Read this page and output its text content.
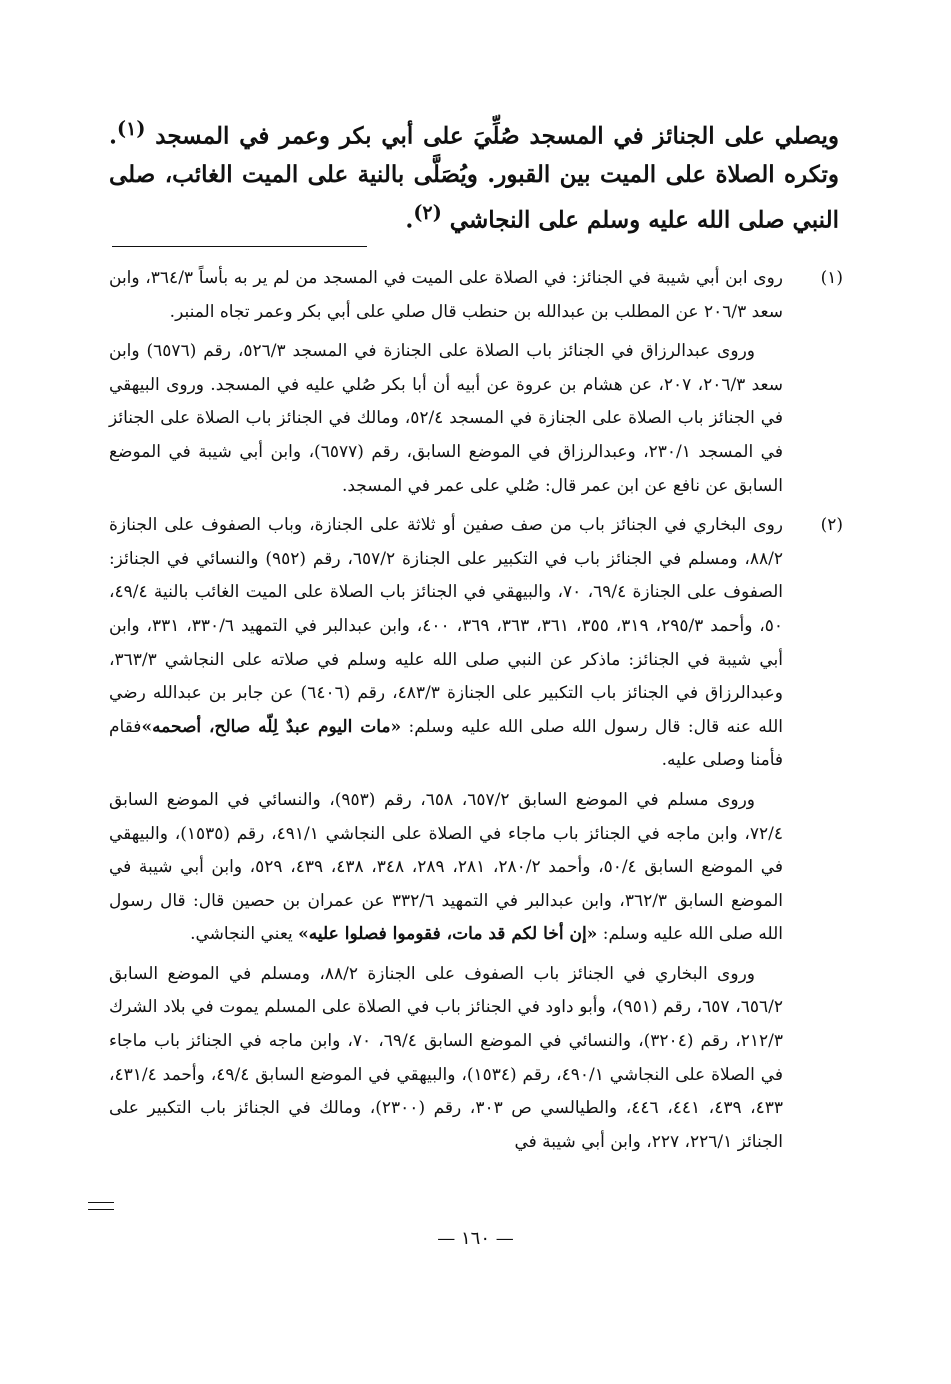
ويصلي على الجنائز في المسجد صُلِّيَ على أبي بكر وعمر في المسجد $^{(١)}$. وتكره الصلاة على الميت بين القبور. ويُصَلَّى بالنية على الميت الغائب، صلى النبي صلى الله عليه وسلم على النجاشي $^{(٢)}$.

(١)

روى ابن أبي شيبة في الجنائز: في الصلاة على الميت في المسجد من لم ير به بأساً ٣٦٤/٣، وابن سعد ٢٠٦/٣ عن المطلب بن عبدالله بن حنطب قال صلي على أبي بكر وعمر تجاه المنبر.

وروى عبدالرزاق في الجنائز باب الصلاة على الجنازة في المسجد ٥٢٦/٣، رقم (٦٥٧٦) وابن سعد ٢٠٦/٣، ٢٠٧، عن هشام بن عروة عن أبيه أن أبا بكر صُلي عليه في المسجد. وروى البيهقي في الجنائز باب الصلاة على الجنازة في المسجد ٥٢/٤، ومالك في الجنائز باب الصلاة على الجنائز في المسجد ٢٣٠/١، وعبدالرزاق في الموضع السابق، رقم (٦٥٧٧)، وابن أبي شيبة في الموضع السابق عن نافع عن ابن عمر قال: صُلي على عمر في المسجد.

(٢)

روى البخاري في الجنائز باب من صف صفين أو ثلاثة على الجنازة، وباب الصفوف على الجنازة ٨٨/٢، ومسلم في الجنائز باب في التكبير على الجنازة ٦٥٧/٢، رقم (٩٥٢) والنسائي في الجنائز: الصفوف على الجنازة ٦٩/٤، ٧٠، والبيهقي في الجنائز باب الصلاة على الميت الغائب بالنية ٤٩/٤، ٥٠، وأحمد ٢٩٥/٣، ٣١٩، ٣٥٥، ٣٦١، ٣٦٣، ٣٦٩، ٤٠٠، وابن عبدالبر في التمهيد ٣٣٠/٦، ٣٣١، وابن أبي شيبة في الجنائز: ماذكر عن النبي صلى الله عليه وسلم في صلاته على النجاشي ٣٦٣/٣، وعبدالرزاق في الجنائز باب التكبير على الجنازة ٤٨٣/٣، رقم (٦٤٠٦) عن جابر بن عبدالله رضي الله عنه قال: قال رسول الله صلى الله عليه وسلم: «مات اليوم عبدٌ لِلّه صالح، أصحمه»فقام فأمنا وصلى عليه.

وروى مسلم في الموضع السابق ٦٥٧/٢، ٦٥٨، رقم (٩٥٣)، والنسائي في الموضع السابق ٧٢/٤، وابن ماجه في الجنائز باب ماجاء في الصلاة على النجاشي ٤٩١/١، رقم (١٥٣٥)، والبيهقي في الموضع السابق ٥٠/٤، وأحمد ٢٨٠/٢، ٢٨١، ٢٨٩، ٣٤٨، ٤٣٨، ٤٣٩، ٥٢٩، وابن أبي شيبة في الموضع السابق ٣٦٢/٣، وابن عبدالبر في التمهيد ٣٣٢/٦ عن عمران بن حصين قال: قال رسول الله صلى الله عليه وسلم: «إن أخا لكم قد مات، فقوموا فصلوا عليه» يعني النجاشي.

وروى البخاري في الجنائز باب الصفوف على الجنازة ٨٨/٢، ومسلم في الموضع السابق ٦٥٦/٢، ٦٥٧، رقم (٩٥١)، وأبو داود في الجنائز باب في الصلاة على المسلم يموت في بلاد الشرك ٢١٢/٣، رقم (٣٢٠٤)، والنسائي في الموضع السابق ٦٩/٤، ٧٠، وابن ماجه في الجنائز باب ماجاء في الصلاة على النجاشي ٤٩٠/١، رقم (١٥٣٤)، والبيهقي في الموضع السابق ٤٩/٤، وأحمد ٤٣١/٤، ٤٣٣، ٤٣٩، ٤٤١، ٤٤٦، والطيالسي ص ٣٠٣، رقم (٢٣٠٠)، ومالك في الجنائز باب التكبير على الجنائز ٢٢٦/١، ٢٢٧، وابن أبي شيبة في

— ١٦٠ —
